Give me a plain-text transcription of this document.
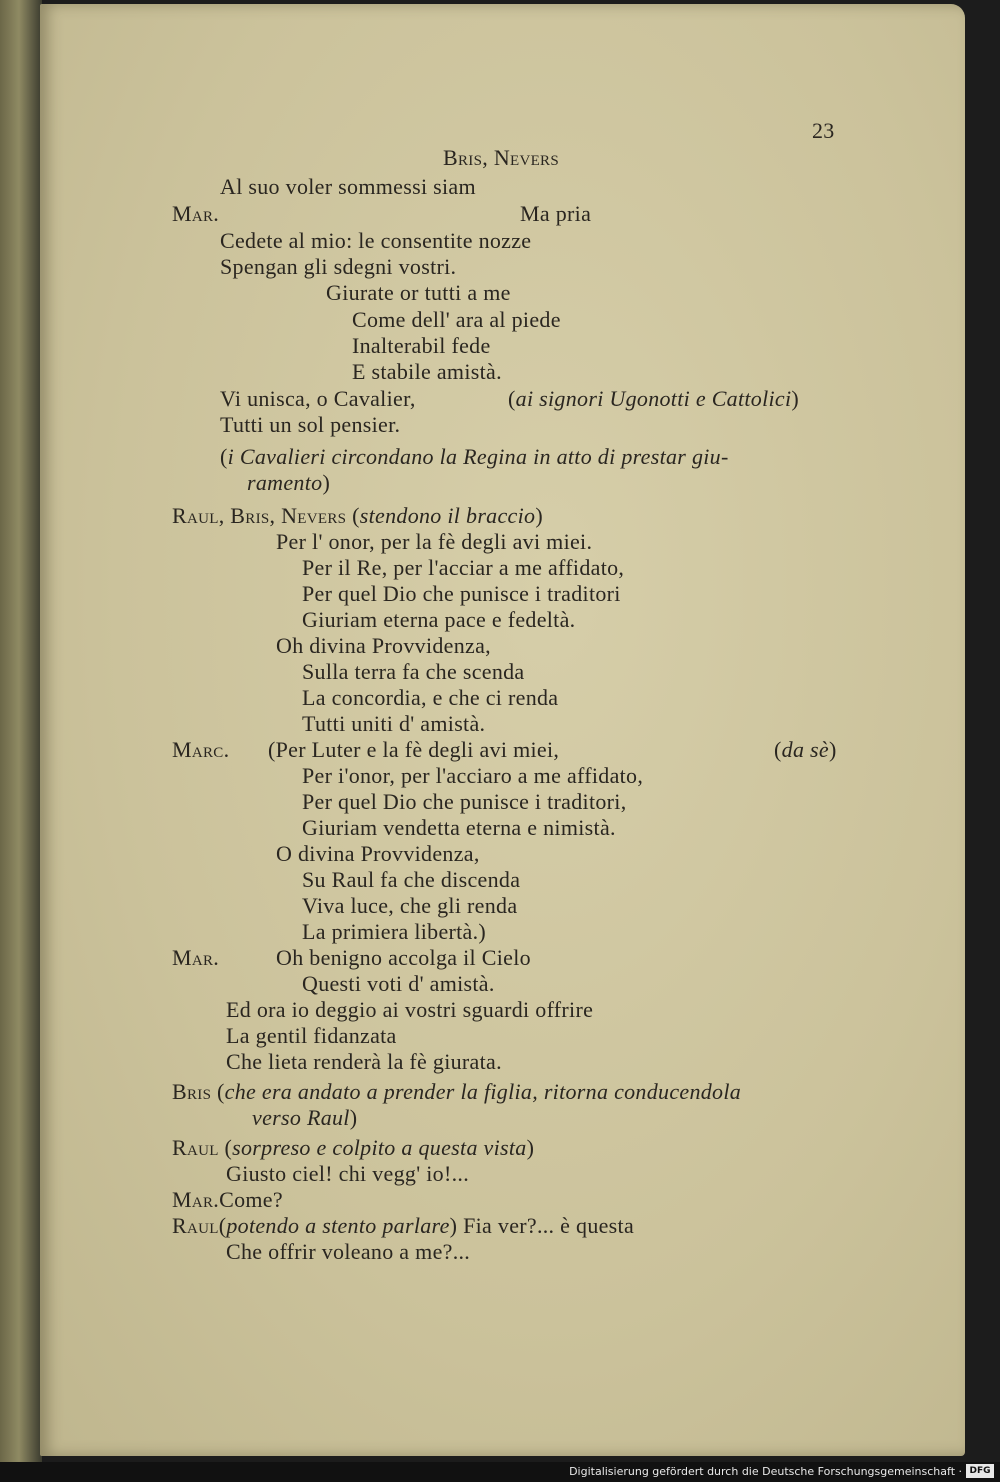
23
Bris, Nevers
Al suo voler sommessi siam
Mar.	Ma pria
Cedete al mio: le consentite nozze
Spengan gli sdegni vostri.
Giurate or tutti a me
Come dell' ara al piede
Inalterabil fede
E stabile amistà.
Vi unisca, o Cavalier,	(ai signori Ugonotti e Cattolici)
Tutti un sol pensier.
(i Cavalieri circondano la Regina in atto di prestar giu-
ramento)
Raul, Bris, Nevers (stendono il braccio)
Per l' onor, per la fè degli avi miei.
Per il Re, per l'acciar a me affidato,
Per quel Dio che punisce i traditori
Giuriam eterna pace e fedeltà.
Oh divina Provvidenza,
Sulla terra fa che scenda
La concordia, e che ci renda
Tutti uniti d' amistà.
Marc. (Per Luter e la fè degli avi miei,	(da sè)
Per i'onor, per l'acciaro a me affidato,
Per quel Dio che punisce i traditori,
Giuriam vendetta eterna e nimistà.
O divina Provvidenza,
Su Raul fa che discenda
Viva luce, che gli renda
La primiera libertà.)
Mar.	Oh benigno accolga il Cielo
Questi voti d' amistà.
Ed ora io deggio ai vostri sguardi offrire
La gentil fidanzata
Che lieta renderà la fè giurata.
Bris (che era andato a prender la figlia, ritorna conducendola
verso Raul)
Raul (sorpreso e colpito a questa vista)
Giusto ciel! chi vegg' io!...
Mar.Come?
Raul(potendo a stento parlare) Fia ver?... è questa
Che offrir voleano a me?...
Digitalisierung gefördert durch die Deutsche Forschungsgemeinschaft · DFG
